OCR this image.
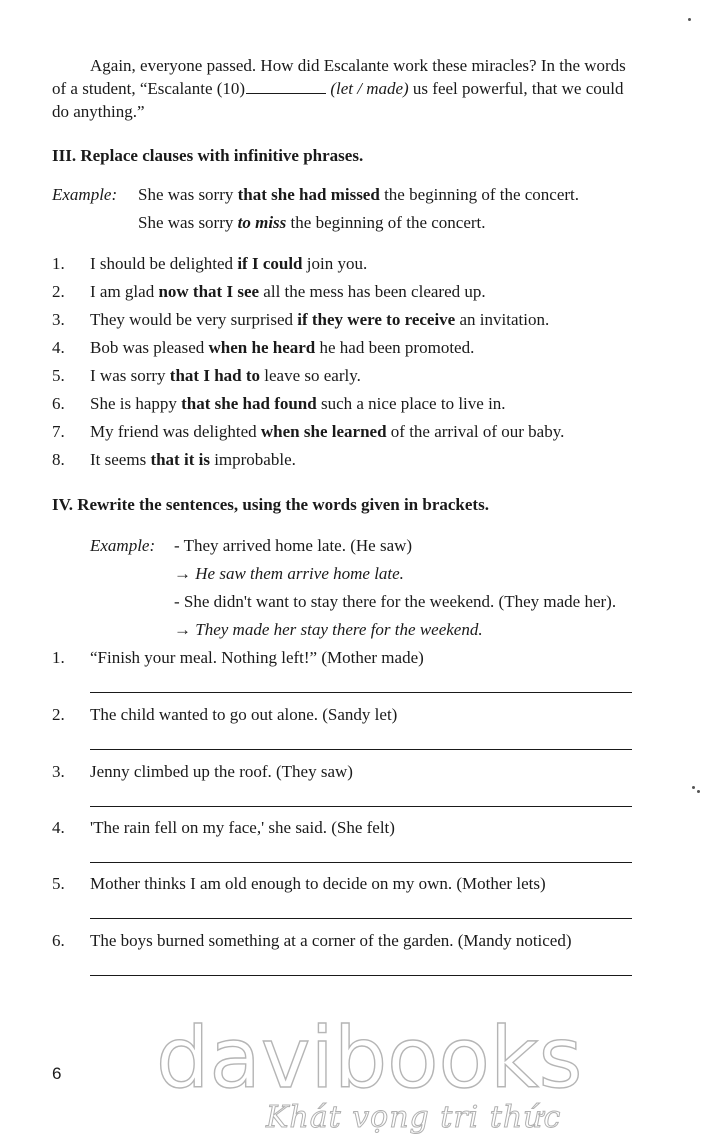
Again, everyone passed. How did Escalante work these miracles? In the words
of a student, “Escalante (10)	(let / made) us feel powerful, that we could
do anything.”
III. Replace clauses with infinitive phrases.
Example: She was sorry that she had missed the beginning of the concert.
She was sorry to miss the beginning of the concert.
1. I should be delighted if I could join you.
2. I am glad now that I see all the mess has been cleared up.
3. They would be very surprised if they were to receive an invitation.
4. Bob was pleased when he heard he had been promoted.
5. I was sorry that I had to leave so early.
6. She is happy that she had found such a nice place to live in.
7. My friend was delighted when she learned of the arrival of our baby.
8. It seems that it is improbable.
IV. Rewrite the sentences, using the words given in brackets.
Example: - They arrived home late. (He saw)
→ He saw them arrive home late.
- She didn't want to stay there for the weekend. (They made her).
→ They made her stay there for the weekend.
1. “Finish your meal. Nothing left!” (Mother made)
2. The child wanted to go out alone. (Sandy let)
3. Jenny climbed up the roof. (They saw)
4. 'The rain fell on my face,' she said. (She felt)
5. Mother thinks I am old enough to decide on my own. (Mother lets)
6. The boys burned something at a corner of the garden. (Mandy noticed)
6 davibooks
Khát vọng tri thức
